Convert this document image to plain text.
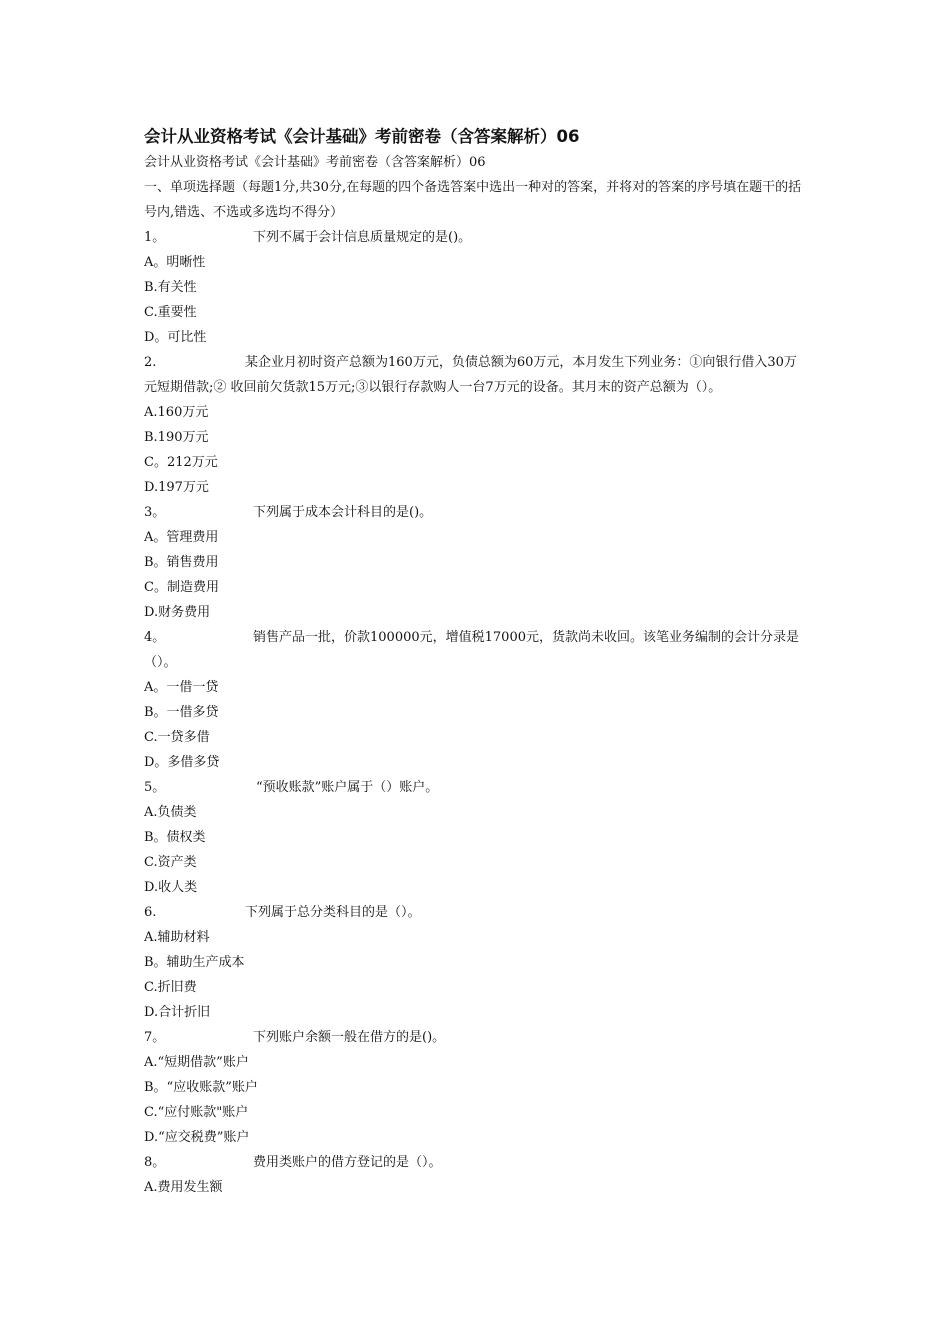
会计从业资格考试《会计基础》考前密卷（含答案解析）06

会计从业资格考试《会计基础》考前密卷（含答案解析）06

一、单项选择题（每题1分,共30分,在每题的四个备选答案中选出一种对的答案，并将对的答案的序号填在题干的括号内,错选、不选或多选均不得分）

1。	下列不属于会计信息质量规定的是()。

A。明晰性

B.有关性

C.重要性

D。可比性

2.	某企业月初时资产总额为160万元，负债总额为60万元，本月发生下列业务：①向银行借入30万元短期借款;② 收回前欠货款15万元;③以银行存款购人一台7万元的设备。其月末的资产总额为（）。

A.160万元

B.190万元

C。212万元

D.197万元

3。	下列属于成本会计科目的是()。

A。管理费用

B。销售费用

C。制造费用

D.财务费用

4。	销售产品一批，价款100000元，增值税17000元，货款尚未收回。该笔业务编制的会计分录是（）。

A。一借一贷

B。一借多贷

C.一贷多借

D。多借多贷

5。	“预收账款”账户属于（）账户。

A.负债类

B。债权类

C.资产类

D.收人类

6.	下列属于总分类科目的是（）。

A.辅助材料

B。辅助生产成本

C.折旧费

D.合计折旧

7。	下列账户余额一般在借方的是()。

A.“短期借款”账户

B。“应收账款”账户

C.“应付账款"账户

D.“应交税费”账户

8。	费用类账户的借方登记的是（）。

A.费用发生额
